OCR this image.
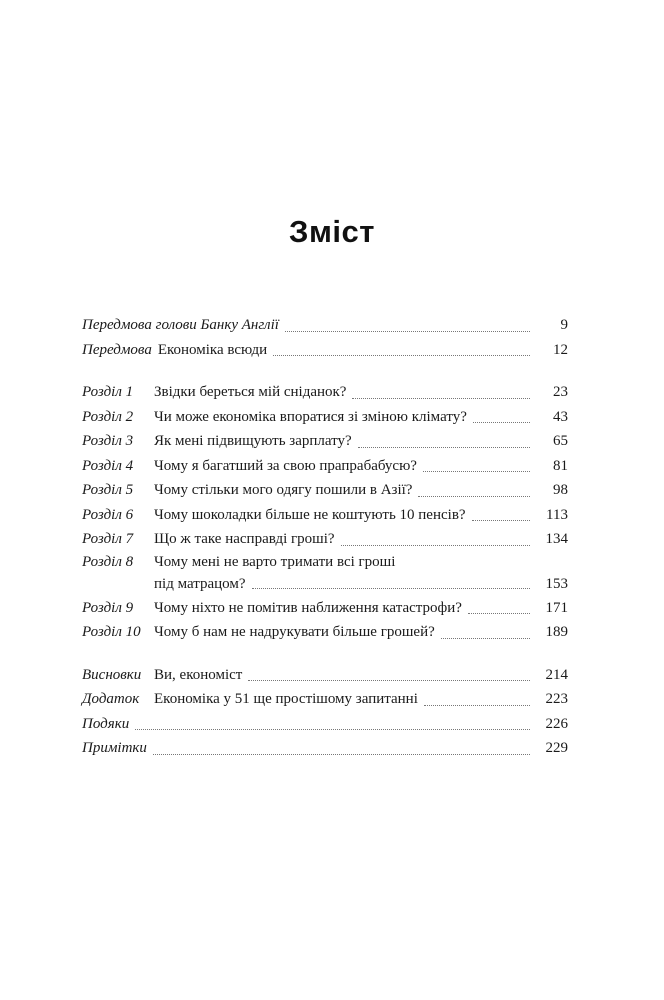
Зміст
Передмова голови Банку Англії	9
Передмова Економіка всюди	12
Розділ 1	Звідки береться мій сніданок?	23
Розділ 2	Чи може економіка впоратися зі зміною клімату?	43
Розділ 3	Як мені підвищують зарплату?	65
Розділ 4	Чому я багатший за свою прапрабабусю?	81
Розділ 5	Чому стільки мого одягу пошили в Азії?	98
Розділ 6	Чому шоколадки більше не коштують 10 пенсів?	113
Розділ 7	Що ж таке насправді гроші?	134
Розділ 8	Чому мені не варто тримати всі гроші
під матрацом?	153
Розділ 9	Чому ніхто не помітив наближення катастрофи?	171
Розділ 10 Чому б нам не надрукувати більше грошей?	189
Висновки Ви, економіст	214
Додаток Економіка у 51 ще простішому запитанні	223
Подяки	226
Примітки	229
